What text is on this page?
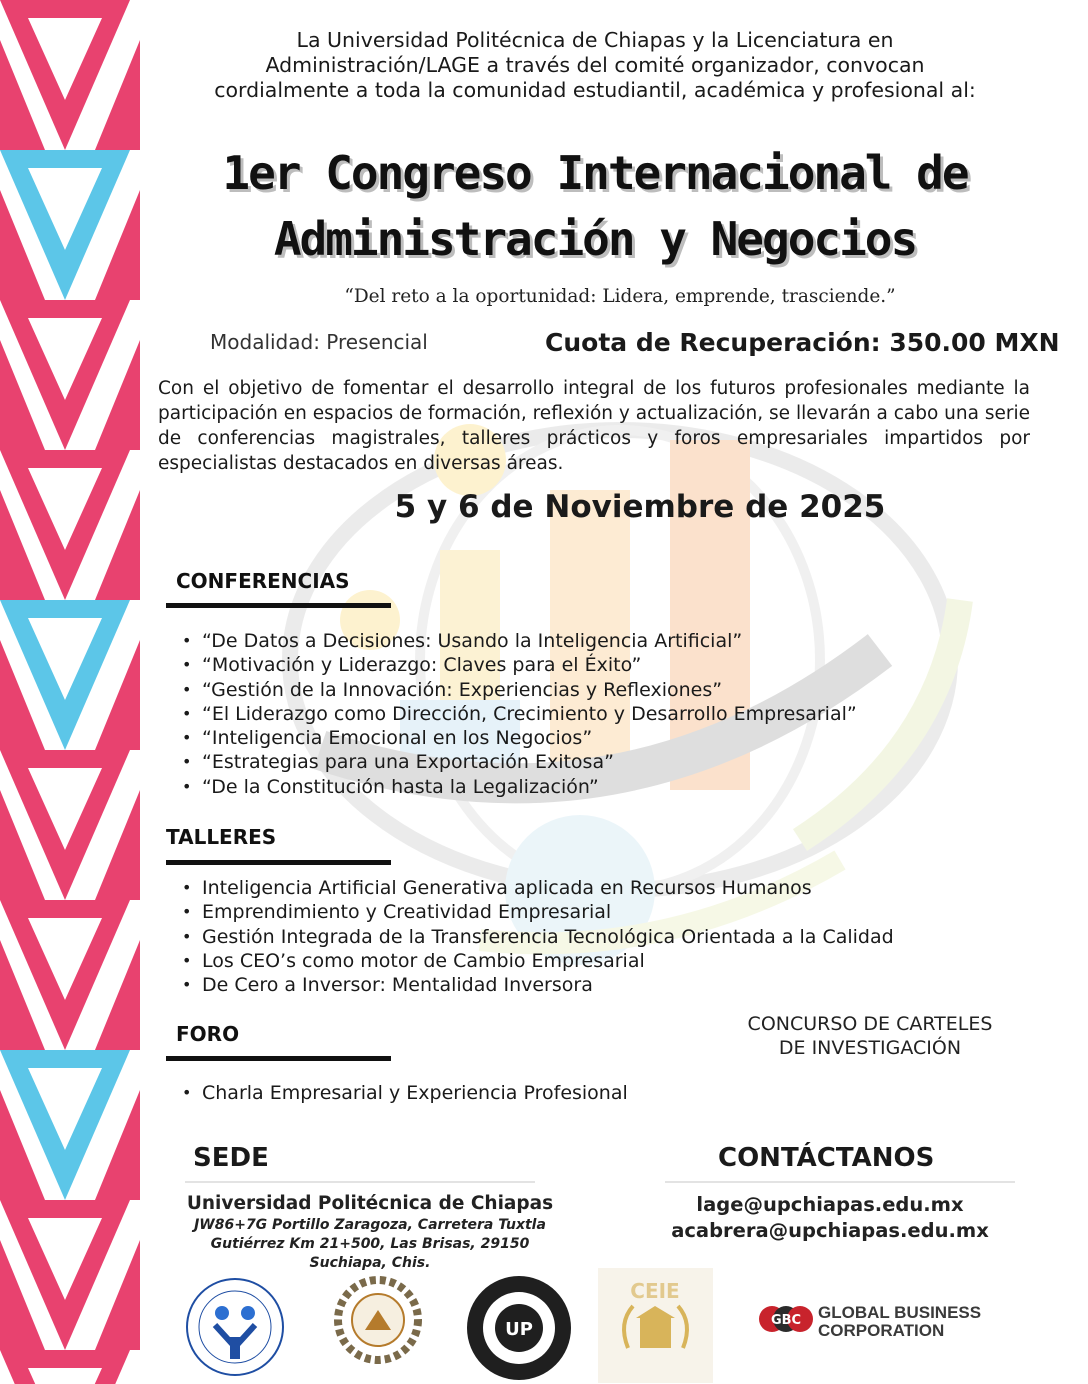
La Universidad Politécnica de Chiapas y la Licenciatura en
Administración/LAGE a través del comité organizador, convocan
cordialmente a toda la comunidad estudiantil, académica y profesional al:
1er Congreso Internacional de
Administración y Negocios
“Del reto a la oportunidad: Lidera, emprende, trasciende.”
Modalidad: Presencial	Cuota de Recuperación: 350.00 MXN
Con el objetivo de fomentar el desarrollo integral de los futuros profesionales mediante la participación en espacios de formación, reflexión y actualización, se llevarán a cabo una serie de conferencias magistrales, talleres prácticos y foros empresariales impartidos por especialistas destacados en diversas áreas.
5 y 6 de Noviembre de 2025
CONFERENCIAS
• “De Datos a Decisiones: Usando la Inteligencia Artificial”
• “Motivación y Liderazgo: Claves para el Éxito”
• “Gestión de la Innovación: Experiencias y Reflexiones”
• “El Liderazgo como Dirección, Crecimiento y Desarrollo Empresarial”
• “Inteligencia Emocional en los Negocios”
• “Estrategias para una Exportación Exitosa”
• “De la Constitución hasta la Legalización”
TALLERES
• Inteligencia Artificial Generativa aplicada en Recursos Humanos
• Emprendimiento y Creatividad Empresarial
• Gestión Integrada de la Transferencia Tecnológica Orientada a la Calidad
• Los CEO’s como motor de Cambio Empresarial
• De Cero a Inversor: Mentalidad Inversora
FORO
• Charla Empresarial y Experiencia Profesional
CONCURSO DE CARTELES
DE INVESTIGACIÓN
SEDE
Universidad Politécnica de Chiapas
JW86+7G Portillo Zaragoza, Carretera Tuxtla Gutiérrez Km 21+500, Las Brisas, 29150 Suchiapa, Chis.
CONTÁCTANOS
lage@upchiapas.edu.mx
acabrera@upchiapas.edu.mx
UP
CEIE
GBC GLOBAL BUSINESS
CORPORATION
